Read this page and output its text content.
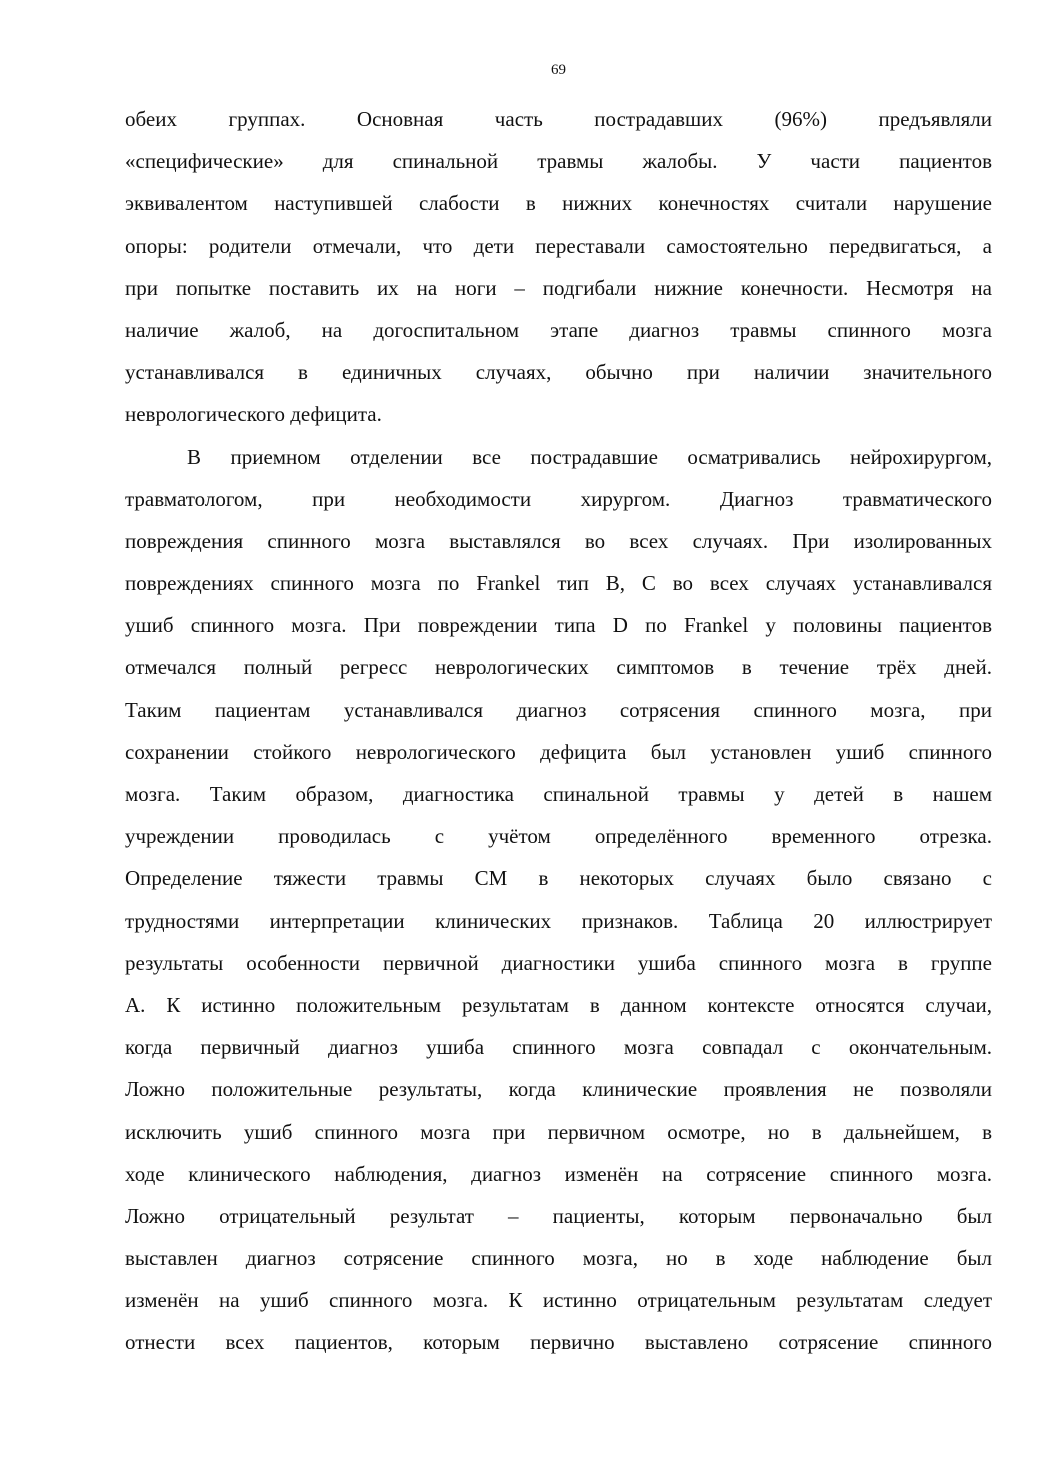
69
обеих группах. Основная часть пострадавших (96%) предъявляли
«специфические» для спинальной травмы жалобы. У части пациентов
эквивалентом наступившей слабости в нижних конечностях считали нарушение
опоры: родители отмечали, что дети переставали самостоятельно передвигаться, а
при попытке поставить их на ноги – подгибали нижние конечности. Несмотря на
наличие жалоб, на догоспитальном этапе диагноз травмы спинного мозга
устанавливался в единичных случаях, обычно при наличии значительного
неврологического дефицита.
В приемном отделении все пострадавшие осматривались нейрохирургом,
травматологом, при необходимости хирургом. Диагноз травматического
повреждения спинного мозга выставлялся во всех случаях. При изолированных
повреждениях спинного мозга по Frankel тип В, С во всех случаях устанавливался
ушиб спинного мозга. При повреждении типа D по Frankel у половины пациентов
отмечался полный регресс неврологических симптомов в течение трёх дней.
Таким пациентам устанавливался диагноз сотрясения спинного мозга, при
сохранении стойкого неврологического дефицита был установлен ушиб спинного
мозга. Таким образом, диагностика спинальной травмы у детей в нашем
учреждении проводилась с учётом определённого временного отрезка.
Определение тяжести травмы СМ в некоторых случаях было связано с
трудностями интерпретации клинических признаков. Таблица 20 иллюстрирует
результаты особенности первичной диагностики ушиба спинного мозга в группе
А. К истинно положительным результатам в данном контексте относятся случаи,
когда первичный диагноз ушиба спинного мозга совпадал с окончательным.
Ложно положительные результаты, когда клинические проявления не позволяли
исключить ушиб спинного мозга при первичном осмотре, но в дальнейшем, в
ходе клинического наблюдения, диагноз изменён на сотрясение спинного мозга.
Ложно отрицательный результат – пациенты, которым первоначально был
выставлен диагноз сотрясение спинного мозга, но в ходе наблюдение был
изменён на ушиб спинного мозга. К истинно отрицательным результатам следует
отнести всех пациентов, которым первично выставлено сотрясение спинного
